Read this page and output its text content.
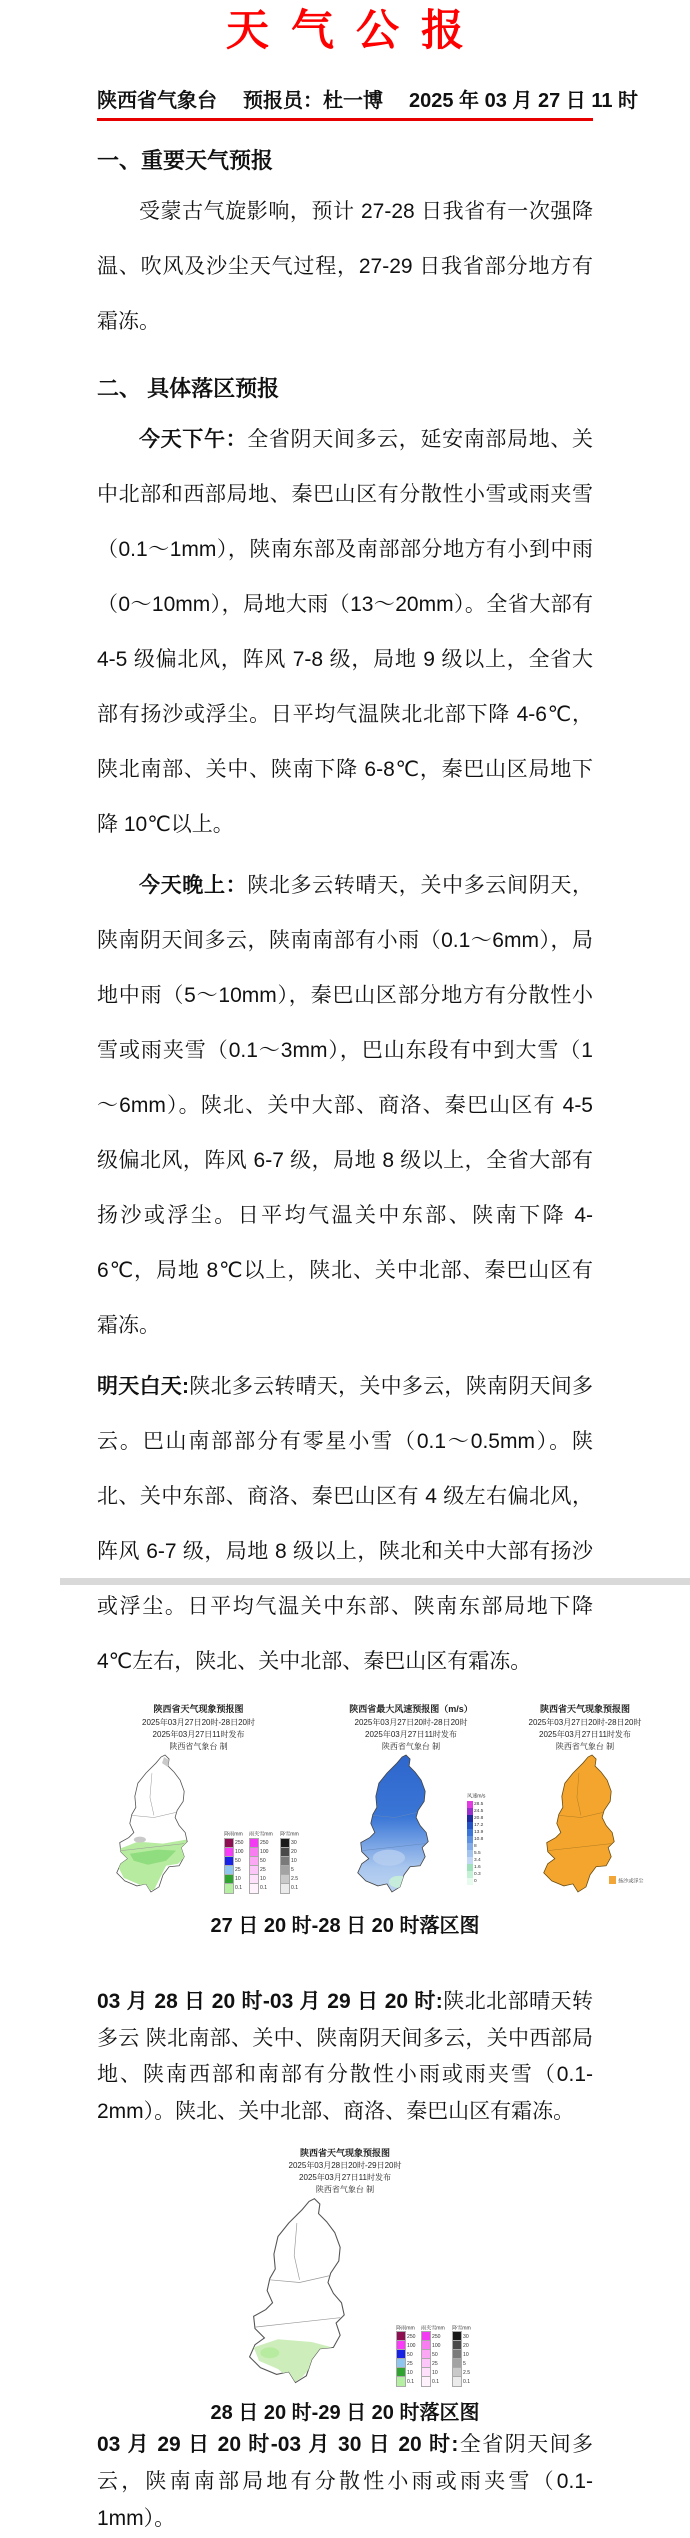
天气公报
陕西省气象台 预报员：杜一博 2025 年 03 月 27 日 11 时
一、重要天气预报

受蒙古气旋影响，预计 27-28 日我省有一次强降温、吹风及沙尘天气过程，27-29 日我省部分地方有霜冻。

二、 具体落区预报

今天下午：全省阴天间多云，延安南部局地、关中北部和西部局地、秦巴山区有分散性小雪或雨夹雪（0.1～1mm），陕南东部及南部部分地方有小到中雨（0～10mm），局地大雨（13～20mm）。全省大部有 4-5 级偏北风，阵风 7-8 级，局地 9 级以上，全省大部有扬沙或浮尘。日平均气温陕北北部下降 4-6℃，陕北南部、关中、陕南下降 6-8℃，秦巴山区局地下降 10℃以上。

今天晚上：陕北多云转晴天，关中多云间阴天，陕南阴天间多云，陕南南部有小雨（0.1～6mm），局地中雨（5～10mm），秦巴山区部分地方有分散性小雪或雨夹雪（0.1～3mm），巴山东段有中到大雪（1～6mm）。陕北、关中大部、商洛、秦巴山区有 4-5 级偏北风，阵风 6-7 级，局地 8 级以上，全省大部有扬沙或浮尘。日平均气温关中东部、陕南下降 4-6℃，局地 8℃以上，陕北、关中北部、秦巴山区有霜冻。

明天白天:陕北多云转晴天，关中多云，陕南阴天间多云。巴山南部部分有零星小雪（0.1～0.5mm）。陕北、关中东部、商洛、秦巴山区有 4 级左右偏北风，阵风 6-7 级，局地 8 级以上，陕北和关中大部有扬沙或浮尘。日平均气温关中东部、陕南东部局地下降 4℃左右，陕北、关中北部、秦巴山区有霜冻。

陕西省天气现象预报图
2025年03月27日20时-28日20时
2025年03月27日11时发布
陕西省气象台 制
降雨mm
250
100
50
25
10
0.1
雨夹雪mm
250
100
50
25
10
0.1
降雪mm
30
20
10
5
2.5
0.1
陕西省最大风速预报图（m/s）
2025年03月27日20时-28日20时
2025年03月27日11时发布
陕西省气象台 制
风速m/s
28.5
24.5
20.8
17.2
13.9
10.8
8
5.5
3.4
1.6
0.3
0
陕西省天气现象预报图
2025年03月27日20时-28日20时
2025年03月27日11时发布
陕西省气象台 制
扬沙或浮尘
27 日 20 时-28 日 20 时落区图

03 月 28 日 20 时-03 月 29 日 20 时:陕北北部晴天转多云 陕北南部、关中、陕南阴天间多云，关中西部局地、陕南西部和南部有分散性小雨或雨夹雪（0.1-2mm）。陕北、关中北部、商洛、秦巴山区有霜冻。

陕西省天气现象预报图
2025年03月28日20时-29日20时
2025年03月27日11时发布
陕西省气象台 制
降雨mm
250
100
50
25
10
0.1
雨夹雪mm
250
100
50
25
10
0.1
降雪mm
30
20
10
5
2.5
0.1
28 日 20 时-29 日 20 时落区图

03 月 29 日 20 时-03 月 30 日 20 时:全省阴天间多云，陕南南部局地有分散性小雨或雨夹雪（0.1-1mm）。
